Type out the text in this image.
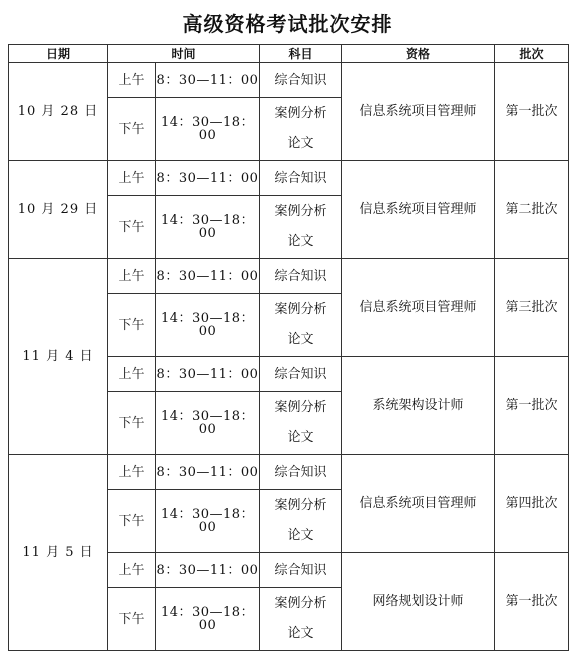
高级资格考试批次安排
日期	时间		科目	资格	批次
10 月 28 日	上午	8：30—11：00	综合知识	信息系统项目管理师	第一批次
	下午	14：30—18：00	案例分析
论文		

10 月 29 日	上午	8：30—11：00	综合知识	信息系统项目管理师	第二批次
	下午	14：30—18：00	案例分析
论文		

11 月 4 日	上午	8：30—11：00	综合知识	信息系统项目管理师	第三批次
	下午	14：30—18：00	案例分析
论文		

	上午	8：30—11：00	综合知识	系统架构设计师	第一批次
	下午	14：30—18：00	案例分析
论文		

11 月 5 日	上午	8：30—11：00	综合知识	信息系统项目管理师	第四批次
	下午	14：30—18：00	案例分析
论文		

	上午	8：30—11：00	综合知识	网络规划设计师	第一批次
	下午	14：30—18：00	案例分析
论文		
